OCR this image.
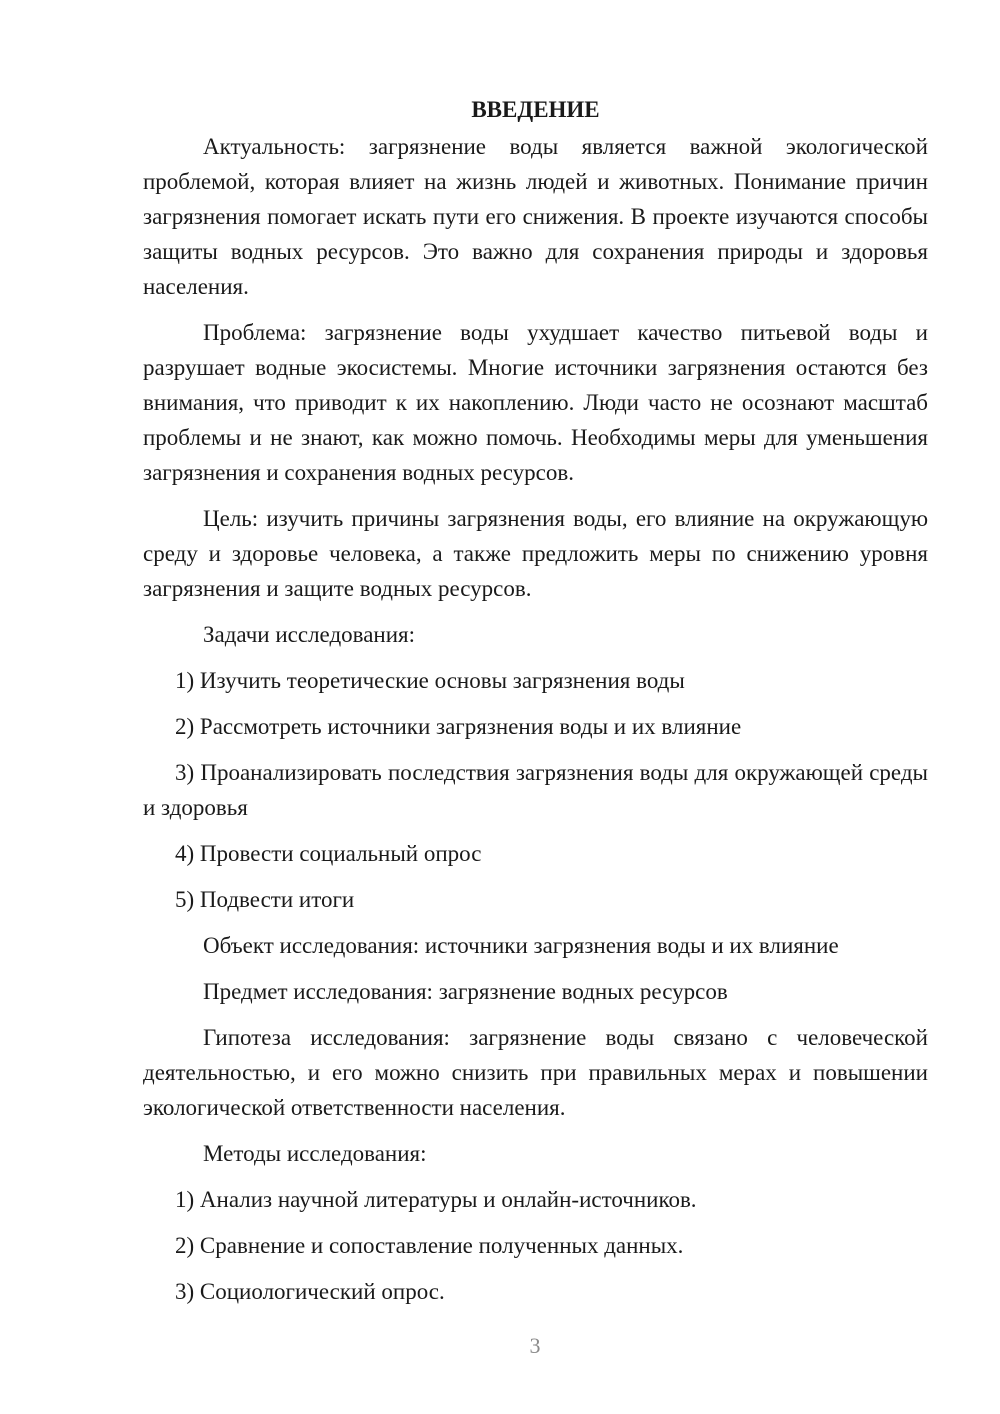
ВВЕДЕНИЕ

Актуальность: загрязнение воды является важной экологической проблемой, которая влияет на жизнь людей и животных. Понимание причин загрязнения помогает искать пути его снижения. В проекте изучаются способы защиты водных ресурсов. Это важно для сохранения природы и здоровья населения.

Проблема: загрязнение воды ухудшает качество питьевой воды и разрушает водные экосистемы. Многие источники загрязнения остаются без внимания, что приводит к их накоплению. Люди часто не осознают масштаб проблемы и не знают, как можно помочь. Необходимы меры для уменьшения загрязнения и сохранения водных ресурсов.

Цель: изучить причины загрязнения воды, его влияние на окружающую среду и здоровье человека, а также предложить меры по снижению уровня загрязнения и защите водных ресурсов.

Задачи исследования:
1) Изучить теоретические основы загрязнения воды
2) Рассмотреть источники загрязнения воды и их влияние
3) Проанализировать последствия загрязнения воды для окружающей среды и здоровья
4) Провести социальный опрос
5) Подвести итоги
Объект исследования: источники загрязнения воды и их влияние
Предмет исследования: загрязнение водных ресурсов

Гипотеза исследования: загрязнение воды связано с человеческой деятельностью, и его можно снизить при правильных мерах и повышении экологической ответственности населения.

Методы исследования:
1) Анализ научной литературы и онлайн-источников.
2) Сравнение и сопоставление полученных данных.
3) Социологический опрос.
3
